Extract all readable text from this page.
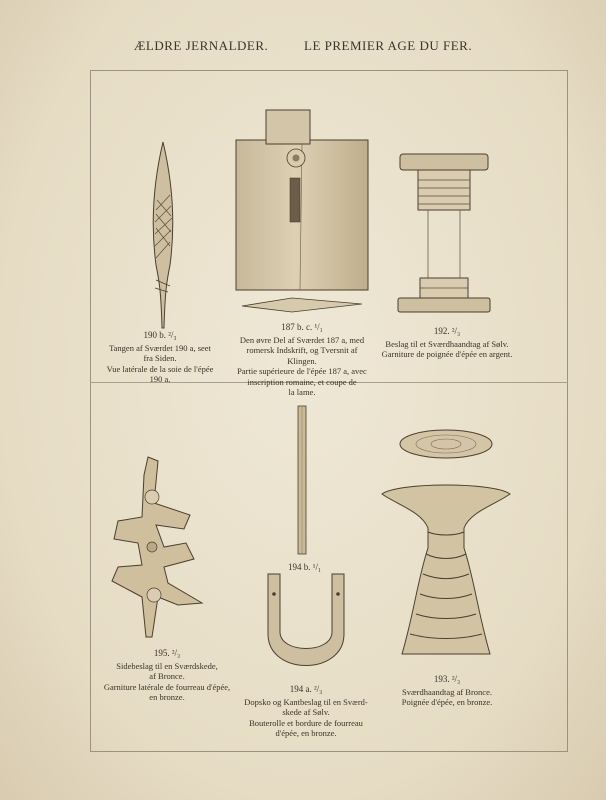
ÆLDRE JERNALDER.	LE PREMIER AGE DU FER.
190 b. ²/₃
Tangen af Sværdet 190 a, seet
fra Siden.
Vue latérale de la soie de l'épée
190 a.
187 b. c. ¹/₁
Den øvre Del af Sværdet 187 a, med
romersk Indskrift, og Tversnit af
Klingen.
Partie supérieure de l'épée 187 a, avec
inscription romaine, et coupe de
la lame.
192. ²/₃
Beslag til et Sværdhaandtag af Sølv.
Garniture de poignée d'épée en argent.
195. ²/₃
Sidebeslag til en Sværdskede,
af Bronce.
Garniture latérale de fourreau d'épée,
en bronze.
194 b. ¹/₁
194 a. ²/₃
Dopsko og Kantbeslag til en Sværd-
skede af Sølv.
Bouterolle et bordure de fourreau
d'épée, en bronze.
193. ²/₃
Sværdhaandtag af Bronce.
Poignée d'épée, en bronze.
